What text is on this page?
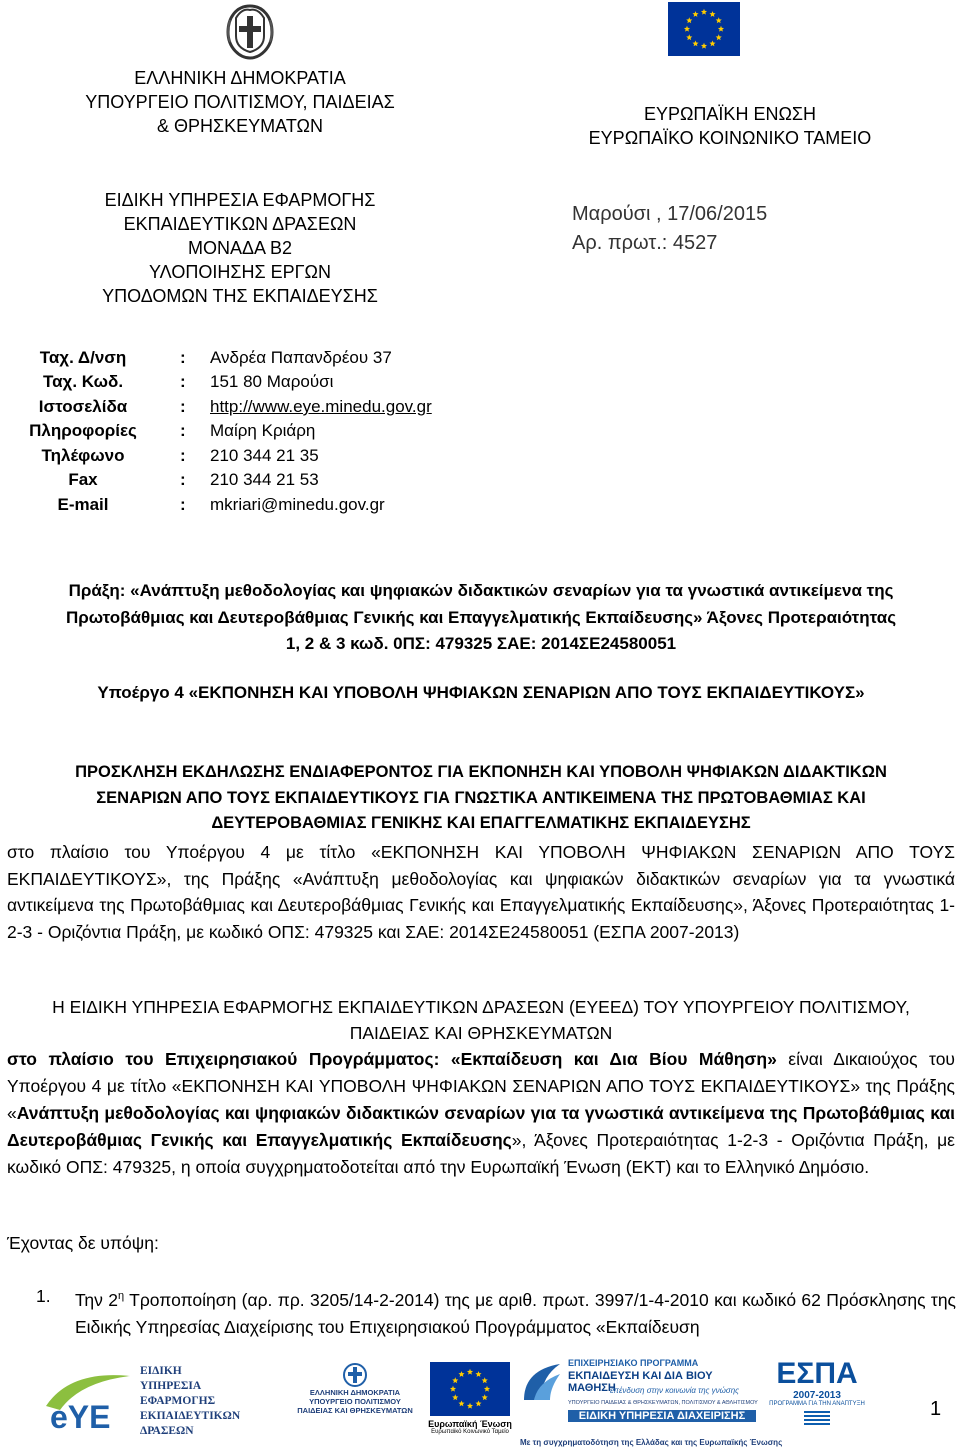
ΕΛΛΗΝΙΚΗ ΔΗΜΟΚΡΑΤΙΑ
ΥΠΟΥΡΓΕΙΟ ΠΟΛΙΤΙΣΜΟΥ, ΠΑΙΔΕΙΑΣ
& ΘΡΗΣΚΕΥΜΑΤΩΝ
ΕΙΔΙΚΗ ΥΠΗΡΕΣΙΑ ΕΦΑΡΜΟΓΗΣ
ΕΚΠΑΙΔΕΥΤΙΚΩΝ ΔΡΑΣΕΩΝ
ΜΟΝΑΔΑ Β2
ΥΛΟΠΟΙΗΣΗΣ ΕΡΓΩΝ
ΥΠΟΔΟΜΩΝ ΤΗΣ ΕΚΠΑΙΔΕΥΣΗΣ
ΕΥΡΩΠΑΪΚΗ ΕΝΩΣΗ
ΕΥΡΩΠΑΪΚΟ ΚΟΙΝΩΝΙΚΟ ΤΑΜΕΙΟ
Μαρούσι , 17/06/2015
Αρ. πρωτ.: 4527
Ταχ. Δ/νση	:	Ανδρέα Παπανδρέου 37
Ταχ. Κωδ.	:	151 80 Μαρούσι
Ιστοσελίδα	:	http://www.eye.minedu.gov.gr
Πληροφορίες	:	Μαίρη Κριάρη
Τηλέφωνο	:	210 344 21 35
Fax	:	210 344 21 53
E-mail	:	mkriari@minedu.gov.gr
Πράξη: «Ανάπτυξη μεθοδολογίας και ψηφιακών διδακτικών σεναρίων για τα γνωστικά αντικείμενα της
Πρωτοβάθμιας και Δευτεροβάθμιας Γενικής και Επαγγελματικής Εκπαίδευσης» Άξονες Προτεραιότητας
1, 2 & 3 κωδ. 0ΠΣ: 479325 ΣΑΕ: 2014ΣΕ24580051
Υποέργο 4 «ΕΚΠΟΝΗΣΗ ΚΑΙ ΥΠΟΒΟΛΗ ΨΗΦΙΑΚΩΝ ΣΕΝΑΡΙΩΝ ΑΠΟ ΤΟΥΣ ΕΚΠΑΙΔΕΥΤΙΚΟΥΣ»
ΠΡΟΣΚΛΗΣΗ ΕΚΔΗΛΩΣΗΣ ΕΝΔΙΑΦΕΡΟΝΤΟΣ ΓΙΑ ΕΚΠΟΝΗΣΗ ΚΑΙ ΥΠΟΒΟΛΗ ΨΗΦΙΑΚΩΝ ΔΙΔΑΚΤΙΚΩΝ
ΣΕΝΑΡΙΩΝ ΑΠΟ ΤΟΥΣ ΕΚΠΑΙΔΕΥΤΙΚΟΥΣ ΓΙΑ ΓΝΩΣΤΙΚΑ ΑΝΤΙΚΕΙΜΕΝΑ ΤΗΣ ΠΡΩΤΟΒΑΘΜΙΑΣ ΚΑΙ
ΔΕΥΤΕΡΟΒΑΘΜΙΑΣ ΓΕΝΙΚΗΣ ΚΑΙ ΕΠΑΓΓΕΛΜΑΤΙΚΗΣ ΕΚΠΑΙΔΕΥΣΗΣ
στο πλαίσιο του Υποέργου 4 με τίτλο «ΕΚΠΟΝΗΣΗ ΚΑΙ ΥΠΟΒΟΛΗ ΨΗΦΙΑΚΩΝ ΣΕΝΑΡΙΩΝ ΑΠΟ ΤΟΥΣ ΕΚΠΑΙΔΕΥΤΙΚΟΥΣ», της Πράξης «Ανάπτυξη μεθοδολογίας και ψηφιακών διδακτικών σεναρίων για τα γνωστικά αντικείμενα της Πρωτοβάθμιας και Δευτεροβάθμιας Γενικής και Επαγγελματικής Εκπαίδευσης», Άξονες Προτεραιότητας 1-2-3 - Οριζόντια Πράξη, με κωδικό ΟΠΣ: 479325 και ΣΑΕ: 2014ΣΕ24580051 (ΕΣΠΑ 2007-2013)
Η ΕΙΔΙΚΗ ΥΠΗΡΕΣΙΑ ΕΦΑΡΜΟΓΗΣ ΕΚΠΑΙΔΕΥΤΙΚΩΝ ΔΡΑΣΕΩΝ (ΕΥΕΕΔ) ΤΟΥ ΥΠΟΥΡΓΕΙΟΥ ΠΟΛΙΤΙΣΜΟΥ,
ΠΑΙΔΕΙΑΣ ΚΑΙ ΘΡΗΣΚΕΥΜΑΤΩΝ
στο πλαίσιο του Επιχειρησιακού Προγράμματος: «Εκπαίδευση και Δια Βίου Μάθηση» είναι Δικαιούχος του Υποέργου 4 με τίτλο «ΕΚΠΟΝΗΣΗ ΚΑΙ ΥΠΟΒΟΛΗ ΨΗΦΙΑΚΩΝ ΣΕΝΑΡΙΩΝ ΑΠΟ ΤΟΥΣ ΕΚΠΑΙΔΕΥΤΙΚΟΥΣ» της Πράξης «Ανάπτυξη μεθοδολογίας και ψηφιακών διδακτικών σεναρίων για τα γνωστικά αντικείμενα της Πρωτοβάθμιας και Δευτεροβάθμιας Γενικής και Επαγγελματικής Εκπαίδευσης», Άξονες Προτεραιότητας 1-2-3 - Οριζόντια Πράξη, με κωδικό ΟΠΣ: 479325, η οποία συγχρηματοδοτείται από την Ευρωπαϊκή Ένωση (ΕΚΤ) και το Ελληνικό Δημόσιο.
Έχοντας δε υπόψη:
1. Την $2^\eta$ Τροποποίηση (αρ. πρ. 3205/14-2-2014) της με αριθ. πρωτ. 3997/1-4-2010 και κωδικό 62 Πρόσκλησης της Ειδικής Υπηρεσίας Διαχείρισης του Επιχειρησιακού Προγράμματος «Εκπαίδευση
eYE
ΕΙΔΙΚΗ
ΥΠΗΡΕΣΙΑ
ΕΦΑΡΜΟΓΗΣ
ΕΚΠΑΙΔΕΥΤΙΚΩΝ
ΔΡΑΣΕΩΝ
ΕΛΛΗΝΙΚΗ ΔΗΜΟΚΡΑΤΙΑ
ΥΠΟΥΡΓΕΙΟ ΠΟΛΙΤΙΣΜΟΥ
ΠΑΙΔΕΙΑΣ ΚΑΙ ΘΡΗΣΚΕΥΜΑΤΩΝ
Ευρωπαϊκή Ένωση
Ευρωπαϊκό Κοινωνικό Ταμείο
ΕΠΙΧΕΙΡΗΣΙΑΚΟ ΠΡΟΓΡΑΜΜΑ
ΕΚΠΑΙΔΕΥΣΗ ΚΑΙ ΔΙΑ ΒΙΟΥ ΜΑΘΗΣΗ
επένδυση στην κοινωνία της γνώσης
ΥΠΟΥΡΓΕΙΟ ΠΑΙΔΕΙΑΣ & ΘΡΗΣΚΕΥΜΑΤΩΝ, ΠΟΛΙΤΙΣΜΟΥ & ΑΘΛΗΤΙΣΜΟΥ
ΕΙΔΙΚΗ ΥΠΗΡΕΣΙΑ ΔΙΑΧΕΙΡΙΣΗΣ
ΕΣΠΑ
2007-2013
ΠΡΟΓΡΑΜΜΑ ΓΙΑ ΤΗΝ ΑΝΑΠΤΥΞΗ
Με τη συγχρηματοδότηση της Ελλάδας και της Ευρωπαϊκής Ένωσης
1
